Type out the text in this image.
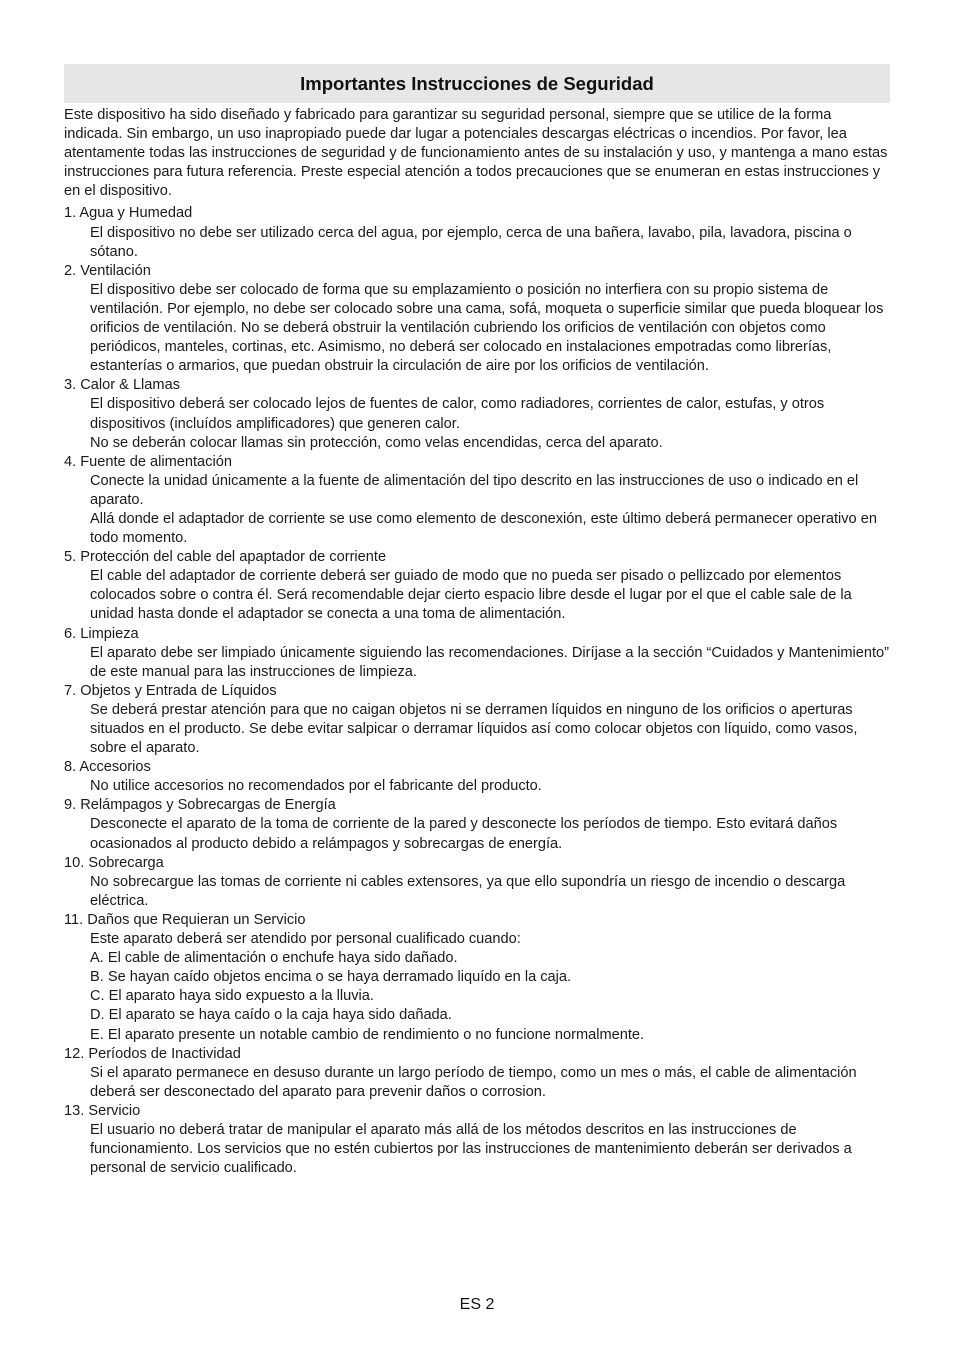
Importantes Instrucciones de Seguridad

Este dispositivo ha sido diseñado y fabricado para garantizar su seguridad personal, siempre que se utilice de la forma indicada. Sin embargo, un uso inapropiado puede dar lugar a potenciales descargas eléctricas o incendios. Por favor, lea atentamente todas las instrucciones de seguridad y de funcionamiento antes de su instalación y uso, y mantenga a mano estas instrucciones para futura referencia. Preste especial atención a todos precauciones que se enumeran en estas instrucciones y en el dispositivo.

1. Agua y Humedad

El dispositivo no debe ser utilizado cerca del agua, por ejemplo, cerca de una bañera, lavabo, pila, lavadora, piscina o sótano.

2. Ventilación

El dispositivo debe ser colocado de forma que su emplazamiento o posición no interfiera con su propio sistema de ventilación. Por ejemplo, no debe ser colocado sobre una cama, sofá, moqueta o superficie similar que pueda bloquear los orificios de ventilación. No se deberá obstruir la ventilación cubriendo los orificios de ventilación con objetos como periódicos, manteles, cortinas, etc. Asimismo, no deberá ser colocado en instalaciones empotradas como librerías, estanterías o armarios, que puedan obstruir la circulación de aire por los orificios de ventilación.

3. Calor & Llamas

El dispositivo deberá ser colocado lejos de fuentes de calor, como radiadores, corrientes de calor, estufas, y otros dispositivos (incluídos amplificadores) que generen calor.

No se deberán colocar llamas sin protección, como velas encendidas, cerca del aparato.

4. Fuente de alimentación

Conecte la unidad únicamente a la fuente de alimentación del tipo descrito en las instrucciones de uso o indicado en el aparato.

Allá donde el adaptador de corriente se use como elemento de desconexión, este último deberá permanecer operativo en todo momento.

5. Protección del cable del apaptador de corriente

El cable del adaptador de corriente deberá ser guiado de modo que no pueda ser pisado o pellizcado por elementos colocados sobre o contra él. Será recomendable dejar cierto espacio libre desde el lugar por el que el cable sale de la unidad hasta donde el adaptador se conecta a una toma de alimentación.

6. Limpieza

El aparato debe ser limpiado únicamente siguiendo las recomendaciones. Diríjase a la sección “Cuidados y Mantenimiento” de este manual para las instrucciones de limpieza.

7. Objetos y Entrada de Líquidos

Se deberá prestar atención para que no caigan objetos ni se derramen líquidos en ninguno de los orificios o aperturas situados en el producto. Se debe evitar salpicar o derramar líquidos así como colocar objetos con líquido, como vasos, sobre el aparato.

8. Accesorios

No utilice accesorios no recomendados por el fabricante del producto.

9. Relámpagos y Sobrecargas de Energía

Desconecte el aparato de la toma de corriente de la pared y desconecte los períodos de tiempo. Esto evitará daños ocasionados al producto debido a relámpagos y sobrecargas de energía.

10. Sobrecarga

No sobrecargue las tomas de corriente ni cables extensores, ya que ello supondría un riesgo de incendio o descarga eléctrica.

11. Daños que Requieran un Servicio

Este aparato deberá ser atendido por personal cualificado cuando:

A. El cable de alimentación o enchufe haya sido dañado.

B. Se hayan caído objetos encima o se haya derramado liquído en la caja.

C. El aparato haya sido expuesto a la lluvia.

D. El aparato se haya caído o la caja haya sido dañada.

E. El aparato presente un notable cambio de rendimiento o no funcione normalmente.

12. Períodos de Inactividad

Si el aparato permanece en desuso durante un largo período de tiempo, como un mes o más, el cable de alimentación deberá ser desconectado del aparato para prevenir daños o corrosion.

13. Servicio

El usuario no deberá tratar de manipular el aparato más allá de los métodos descritos en las instrucciones de funcionamiento. Los servicios que no estén cubiertos por las instrucciones de mantenimiento deberán ser derivados a personal de servicio cualificado.

ES 2
